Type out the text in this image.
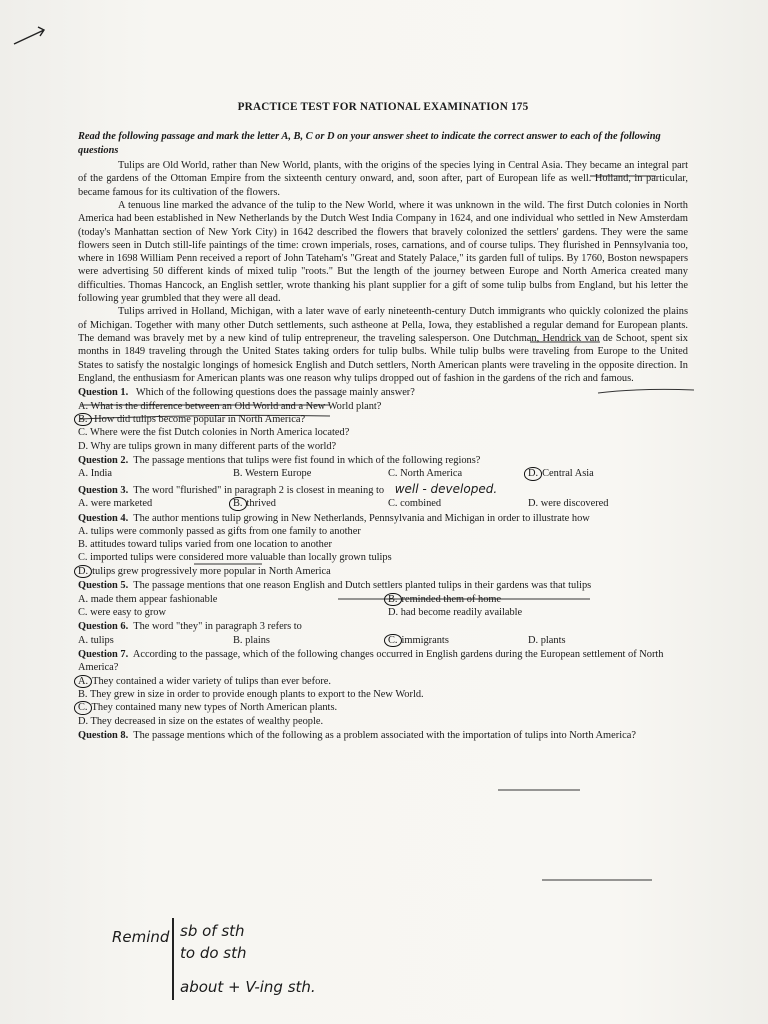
PRACTICE TEST FOR NATIONAL EXAMINATION 175
Read the following passage and mark the letter A, B, C or D on your answer sheet to indicate the correct answer to each of the following questions

Tulips are Old World, rather than New World, plants, with the origins of the species lying in Central Asia. They became an integral part of the gardens of the Ottoman Empire from the sixteenth century onward, and, soon after, part of European life as well. Holland, in particular, became famous for its cultivation of the flowers.

A tenuous line marked the advance of the tulip to the New World, where it was unknown in the wild. The first Dutch colonies in North America had been established in New Netherlands by the Dutch West India Company in 1624, and one individual who settled in New Amsterdam (today's Manhattan section of New York City) in 1642 described the flowers that bravely colonized the settlers' gardens. They were the same flowers seen in Dutch still-life paintings of the time: crown imperials, roses, carnations, and of course tulips. They flurished in Pennsylvania too, where in 1698 William Penn received a report of John Tateham's "Great and Stately Palace," its garden full of tulips. By 1760, Boston newspapers were advertising 50 different kinds of mixed tulip "roots." But the length of the journey between Europe and North America created many difficulties. Thomas Hancock, an English settler, wrote thanking his plant supplier for a gift of some tulip bulbs from England, but his letter the following year grumbled that they were all dead.

Tulips arrived in Holland, Michigan, with a later wave of early nineteenth-century Dutch immigrants who quickly colonized the plains of Michigan. Together with many other Dutch settlements, such astheone at Pella, Iowa, they established a regular demand for European plants. The demand was bravely met by a new kind of tulip entrepreneur, the traveling salesperson. One Dutchman, Hendrick van de Schoot, spent six months in 1849 traveling through the United States taking orders for tulip bulbs. While tulip bulbs were traveling from Europe to the United States to satisfy the nostalgic longings of homesick English and Dutch settlers, North American plants were traveling in the opposite direction. In England, the enthusiasm for American plants was one reason why tulips dropped out of fashion in the gardens of the rich and famous.

Question 1. Which of the following questions does the passage mainly answer?
A. What is the difference between an Old World and a New World plant?
B. How did tulips become popular in North America?
C. Where were the fist Dutch colonies in North America located?
D. Why are tulips grown in many different parts of the world?
Question 2. The passage mentions that tulips were fist found in which of the following regions?
A. India	B. Western Europe	C. North America	D. Central Asia
Question 3. The word "flurished" in paragraph 2 is closest in meaning to well - developed.
A. were marketed	B. thrived	C. combined	D. were discovered
Question 4. The author mentions tulip growing in New Netherlands, Pennsylvania and Michigan in order to illustrate how
A. tulips were commonly passed as gifts from one family to another
B. attitudes toward tulips varied from one location to another
C. imported tulips were considered more valuable than locally grown tulips
D. tulips grew progressively more popular in North America
Question 5. The passage mentions that one reason English and Dutch settlers planted tulips in their gardens was that tulips
A. made them appear fashionable	B. reminded them of home
C. were easy to grow	D. had become readily available
Question 6. The word "they" in paragraph 3 refers to
A. tulips	B. plains	C. immigrants	D. plants
Question 7. According to the passage, which of the following changes occurred in English gardens during the European settlement of North America?
A. They contained a wider variety of tulips than ever before.
B. They grew in size in order to provide enough plants to export to the New World.
C. They contained many new types of North American plants.
D. They decreased in size on the estates of wealthy people.
Question 8. The passage mentions which of the following as a problem associated with the importation of tulips into North America?
Remind sb of sth
to do sth
about + V-ing sth.
